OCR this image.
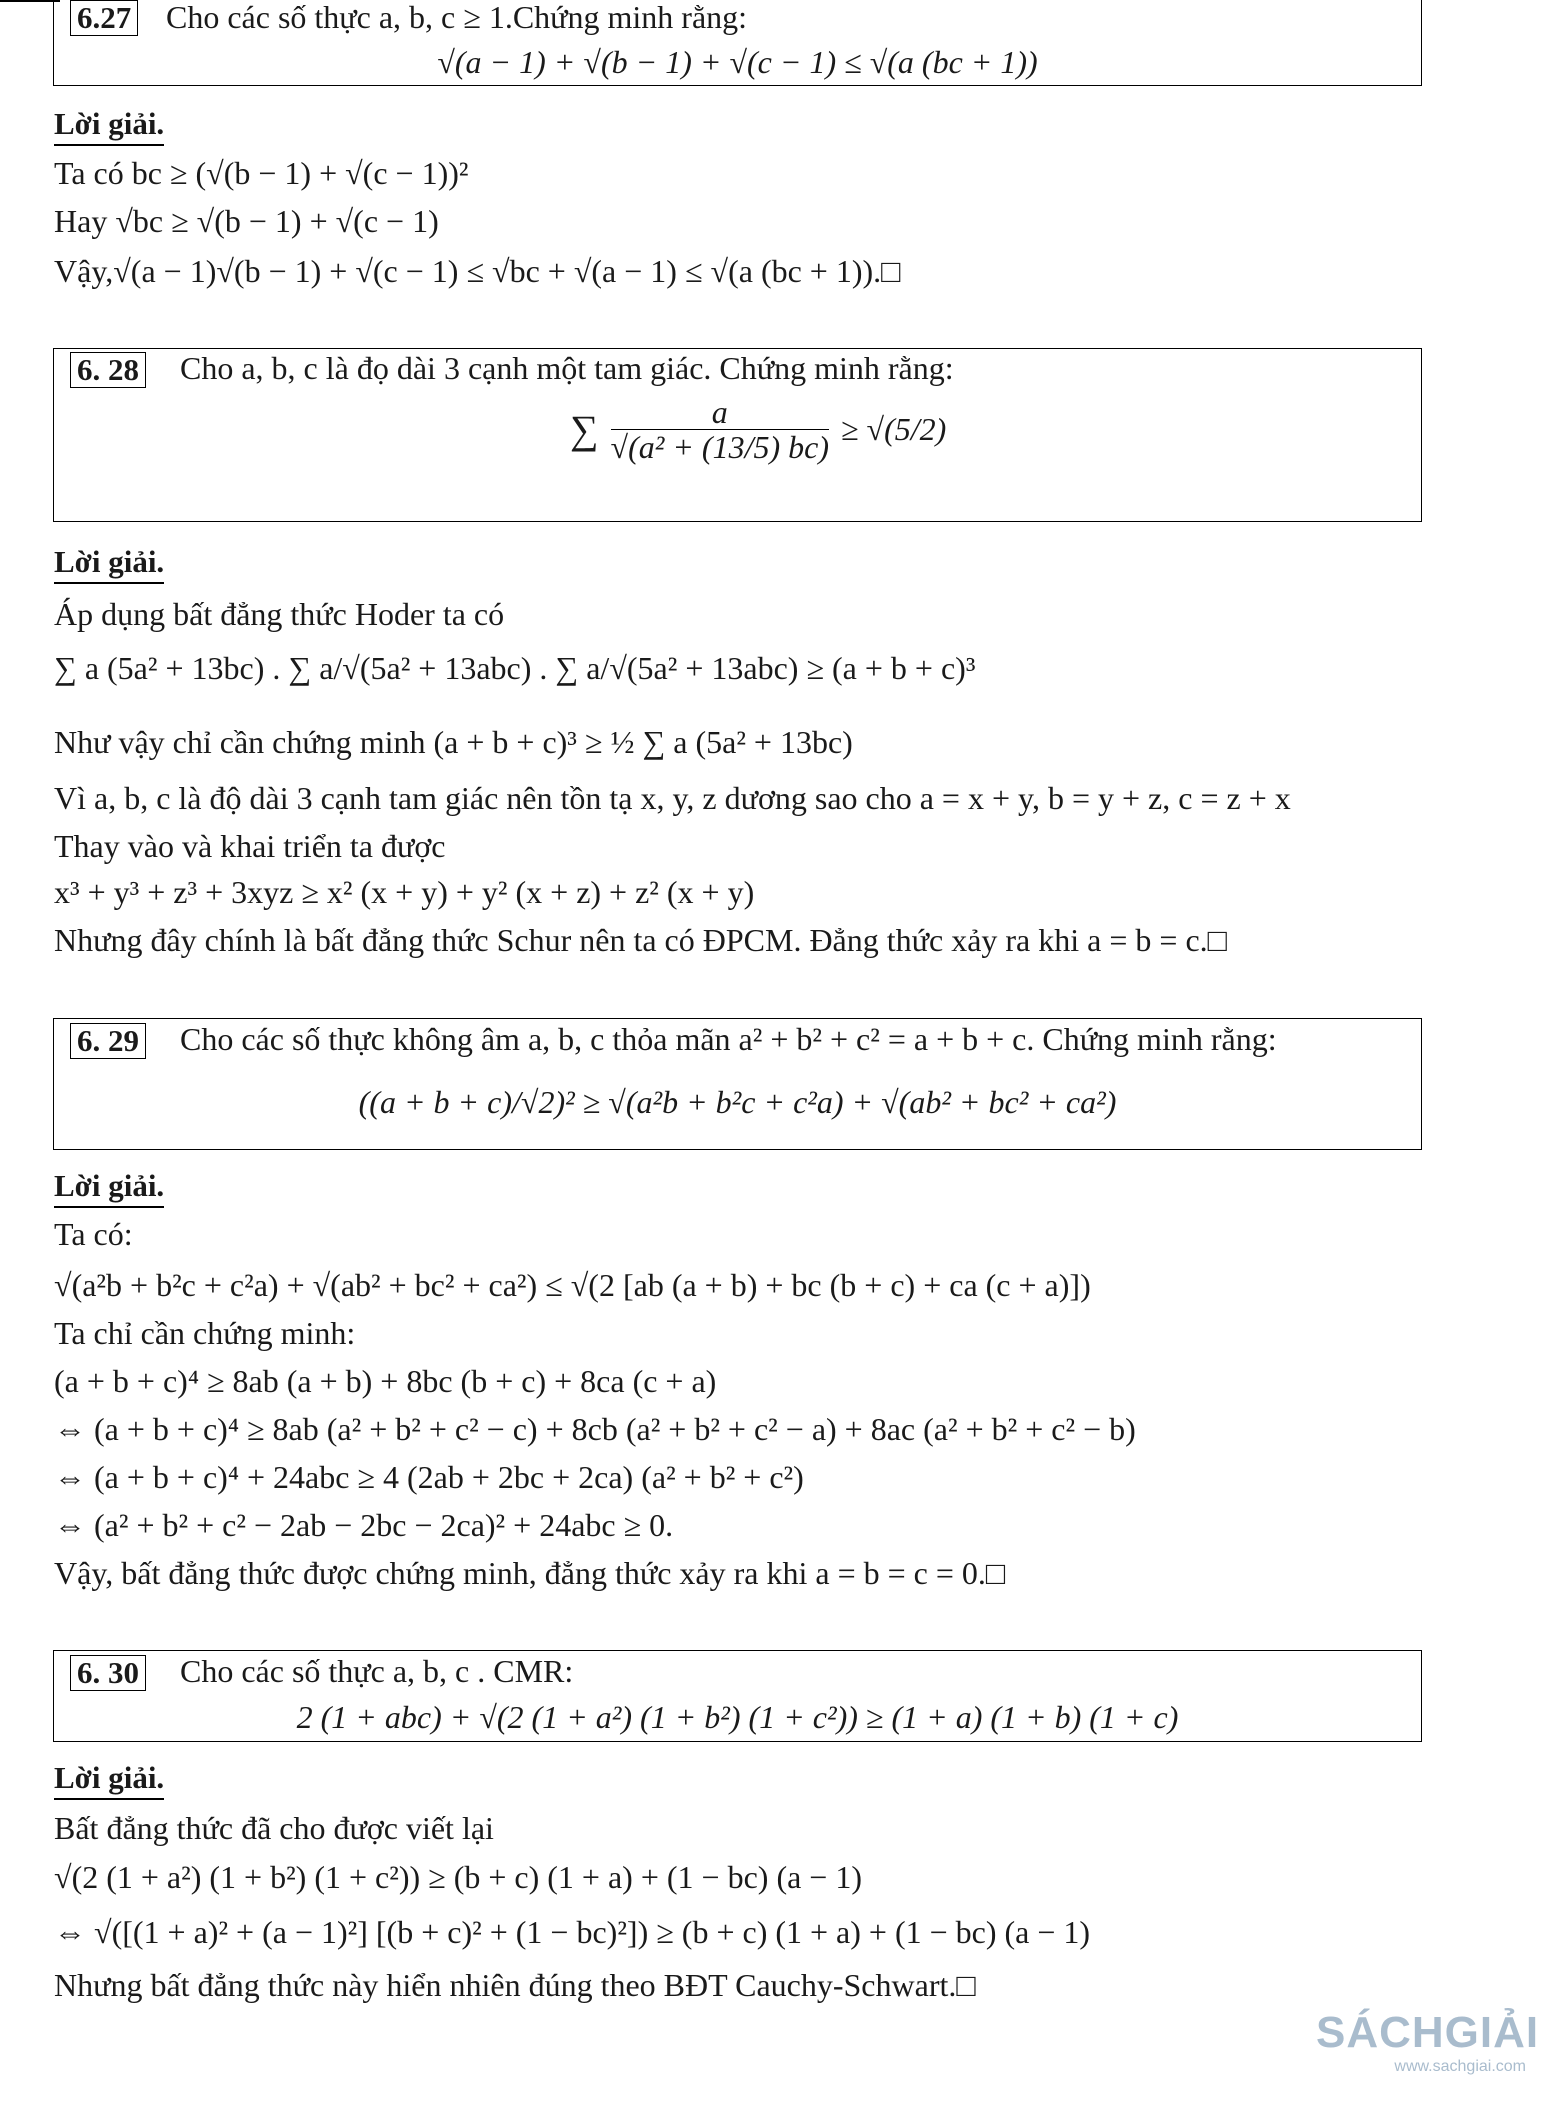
6.27 Cho các số thực a, b, c ≥ 1.Chứng minh rằng:
√(a − 1) + √(b − 1) + √(c − 1) ≤ √(a (bc + 1))
Lời giải.
Ta có bc ≥ (√(b − 1) + √(c − 1))²
Hay √bc ≥ √(b − 1) + √(c − 1)
Vậy,√(a − 1)√(b − 1) + √(c − 1) ≤ √bc + √(a − 1) ≤ √(a (bc + 1)).□
6. 28 Cho a, b, c là đọ dài 3 cạnh một tam giác. Chứng minh rằng:
∑ $\frac{a}{\text{√(a² + (13/5) bc)}} \ge √(5/2)$
Lời giải.
Áp dụng bất đẳng thức Hoder ta có
∑ a (5a² + 13bc) . ∑ a/√(5a² + 13abc) . ∑ a/√(5a² + 13abc) ≥ (a + b + c)³
Như vậy chỉ cần chứng minh (a + b + c)³ ≥ ½ ∑ a (5a² + 13bc)
Vì a, b, c là độ dài 3 cạnh tam giác nên tồn tạ x, y, z dương sao cho a = x + y, b = y + z, c = z + x
Thay vào và khai triển ta được
x³ + y³ + z³ + 3xyz ≥ x² (x + y) + y² (x + z) + z² (x + y)
Nhưng đây chính là bất đẳng thức Schur nên ta có ĐPCM. Đẳng thức xảy ra khi a = b = c.□
6. 29 Cho các số thực không âm a, b, c thỏa mãn a² + b² + c² = a + b + c. Chứng minh rằng:
((a + b + c)/√2)² ≥ √(a²b + b²c + c²a) + √(ab² + bc² + ca²)
Lời giải.
Ta có:
√(a²b + b²c + c²a) + √(ab² + bc² + ca²) ≤ √(2 [ab (a + b) + bc (b + c) + ca (c + a)])
Ta chỉ cần chứng minh:
(a + b + c)⁴ ≥ 8ab (a + b) + 8bc (b + c) + 8ca (c + a)
⇔ (a + b + c)⁴ ≥ 8ab (a² + b² + c² − c) + 8cb (a² + b² + c² − a) + 8ac (a² + b² + c² − b)
⇔ (a + b + c)⁴ + 24abc ≥ 4 (2ab + 2bc + 2ca) (a² + b² + c²)
⇔ (a² + b² + c² − 2ab − 2bc − 2ca)² + 24abc ≥ 0.
Vậy, bất đẳng thức được chứng minh, đẳng thức xảy ra khi a = b = c = 0.□
6. 30 Cho các số thực a, b, c . CMR:
2 (1 + abc) + √(2 (1 + a²) (1 + b²) (1 + c²)) ≥ (1 + a) (1 + b) (1 + c)
Lời giải.
Bất đẳng thức đã cho được viết lại
√(2 (1 + a²) (1 + b²) (1 + c²)) ≥ (b + c) (1 + a) + (1 − bc) (a − 1)
⇔ √([(1 + a)² + (a − 1)²] [(b + c)² + (1 − bc)²]) ≥ (b + c) (1 + a) + (1 − bc) (a − 1)
Nhưng bất đẳng thức này hiển nhiên đúng theo BĐT Cauchy-Schwart.□
SÁCHGIẢI
www.sachgiai.com
